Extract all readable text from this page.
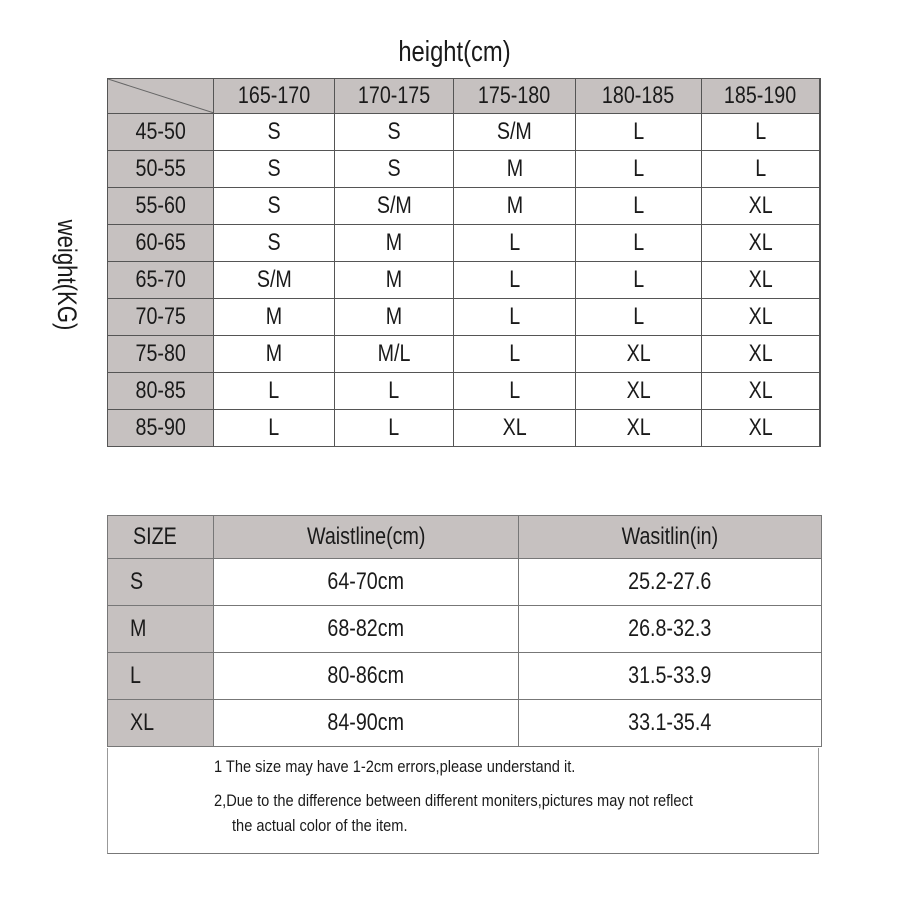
height(cm)
weight(KG)
	165-170	170-175	175-180	180-185	185-190
45-50	S	S	S/M	L	L
50-55	S	S	M	L	L
55-60	S	S/M	M	L	XL
60-65	S	M	L	L	XL
65-70	S/M	M	L	L	XL
70-75	M	M	L	L	XL
75-80	M	M/L	L	XL	XL
80-85	L	L	L	XL	XL
85-90	L	L	XL	XL	XL
SIZE	Waistline(cm)	Wasitlin(in)
S	64-70cm	25.2-27.6
M	68-82cm	26.8-32.3
L	80-86cm	31.5-33.9
XL	84-90cm	33.1-35.4
1 The size may have 1-2cm errors,please understand it.
2,Due to the difference between different moniters,pictures may not reflect
the actual color of the item.
